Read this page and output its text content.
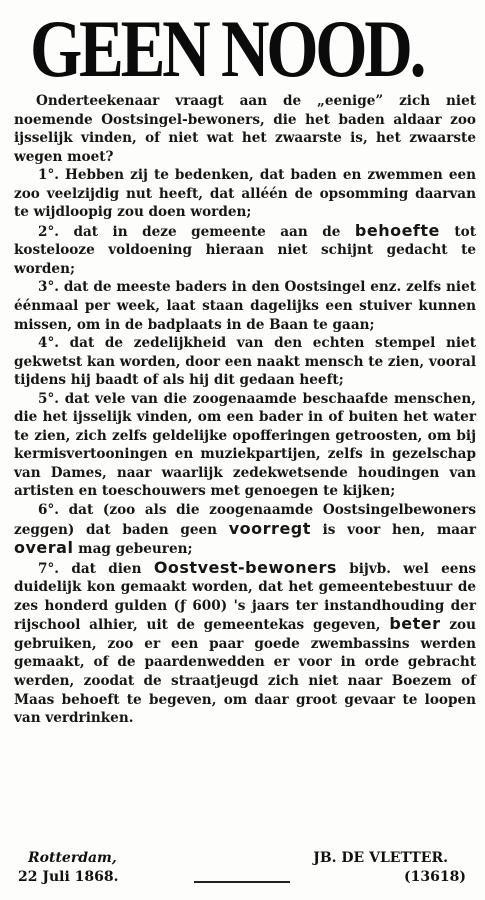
GEEN NOOD.

Onderteekenaar vraagt aan de „eenige” zich niet noemende Oostsingel-bewoners, die het baden aldaar zoo ijsselijk vinden, of niet wat het zwaarste is, het zwaarste wegen moet?

1°. Hebben zij te bedenken, dat baden en zwemmen een zoo veelzijdig nut heeft, dat alléén de opsomming daarvan te wijdloopig zou doen worden;

2°. dat in deze gemeente aan de behoefte tot kostelooze voldoening hieraan niet schijnt gedacht te worden;

3°. dat de meeste baders in den Oostsingel enz. zelfs niet éénmaal per week, laat staan dagelijks een stuiver kunnen missen, om in de badplaats in de Baan te gaan;

4°. dat de zedelijkheid van den echten stempel niet gekwetst kan worden, door een naakt mensch te zien, vooral tijdens hij baadt of als hij dit gedaan heeft;

5°. dat vele van die zoogenaamde beschaafde menschen, die het ijsselijk vinden, om een bader in of buiten het water te zien, zich zelfs geldelijke opofferingen getroosten, om bij kermisvertooningen en muziekpartijen, zelfs in gezelschap van Dames, naar waarlijk zedekwetsende houdingen van artisten en toeschouwers met genoegen te kijken;

6°. dat (zoo als die zoogenaamde Oostsingelbewoners zeggen) dat baden geen voorregt is voor hen, maar overal mag gebeuren;

7°. dat dien Oostvest-bewoners bijvb. wel eens duidelijk kon gemaakt worden, dat het gemeentebestuur de zes honderd gulden (ƒ 600) 's jaars ter instandhouding der rijschool alhier, uit de gemeentekas gegeven, beter zou gebruiken, zoo er een paar goede zwembassins werden gemaakt, of de paardenwedden er voor in orde gebracht werden, zoodat de straatjeugd zich niet naar Boezem of Maas behoeft te begeven, om daar groot gevaar te loopen van verdrinken.

Rotterdam,	JB. DE VLETTER.
22 Juli 1868.	(13618)
